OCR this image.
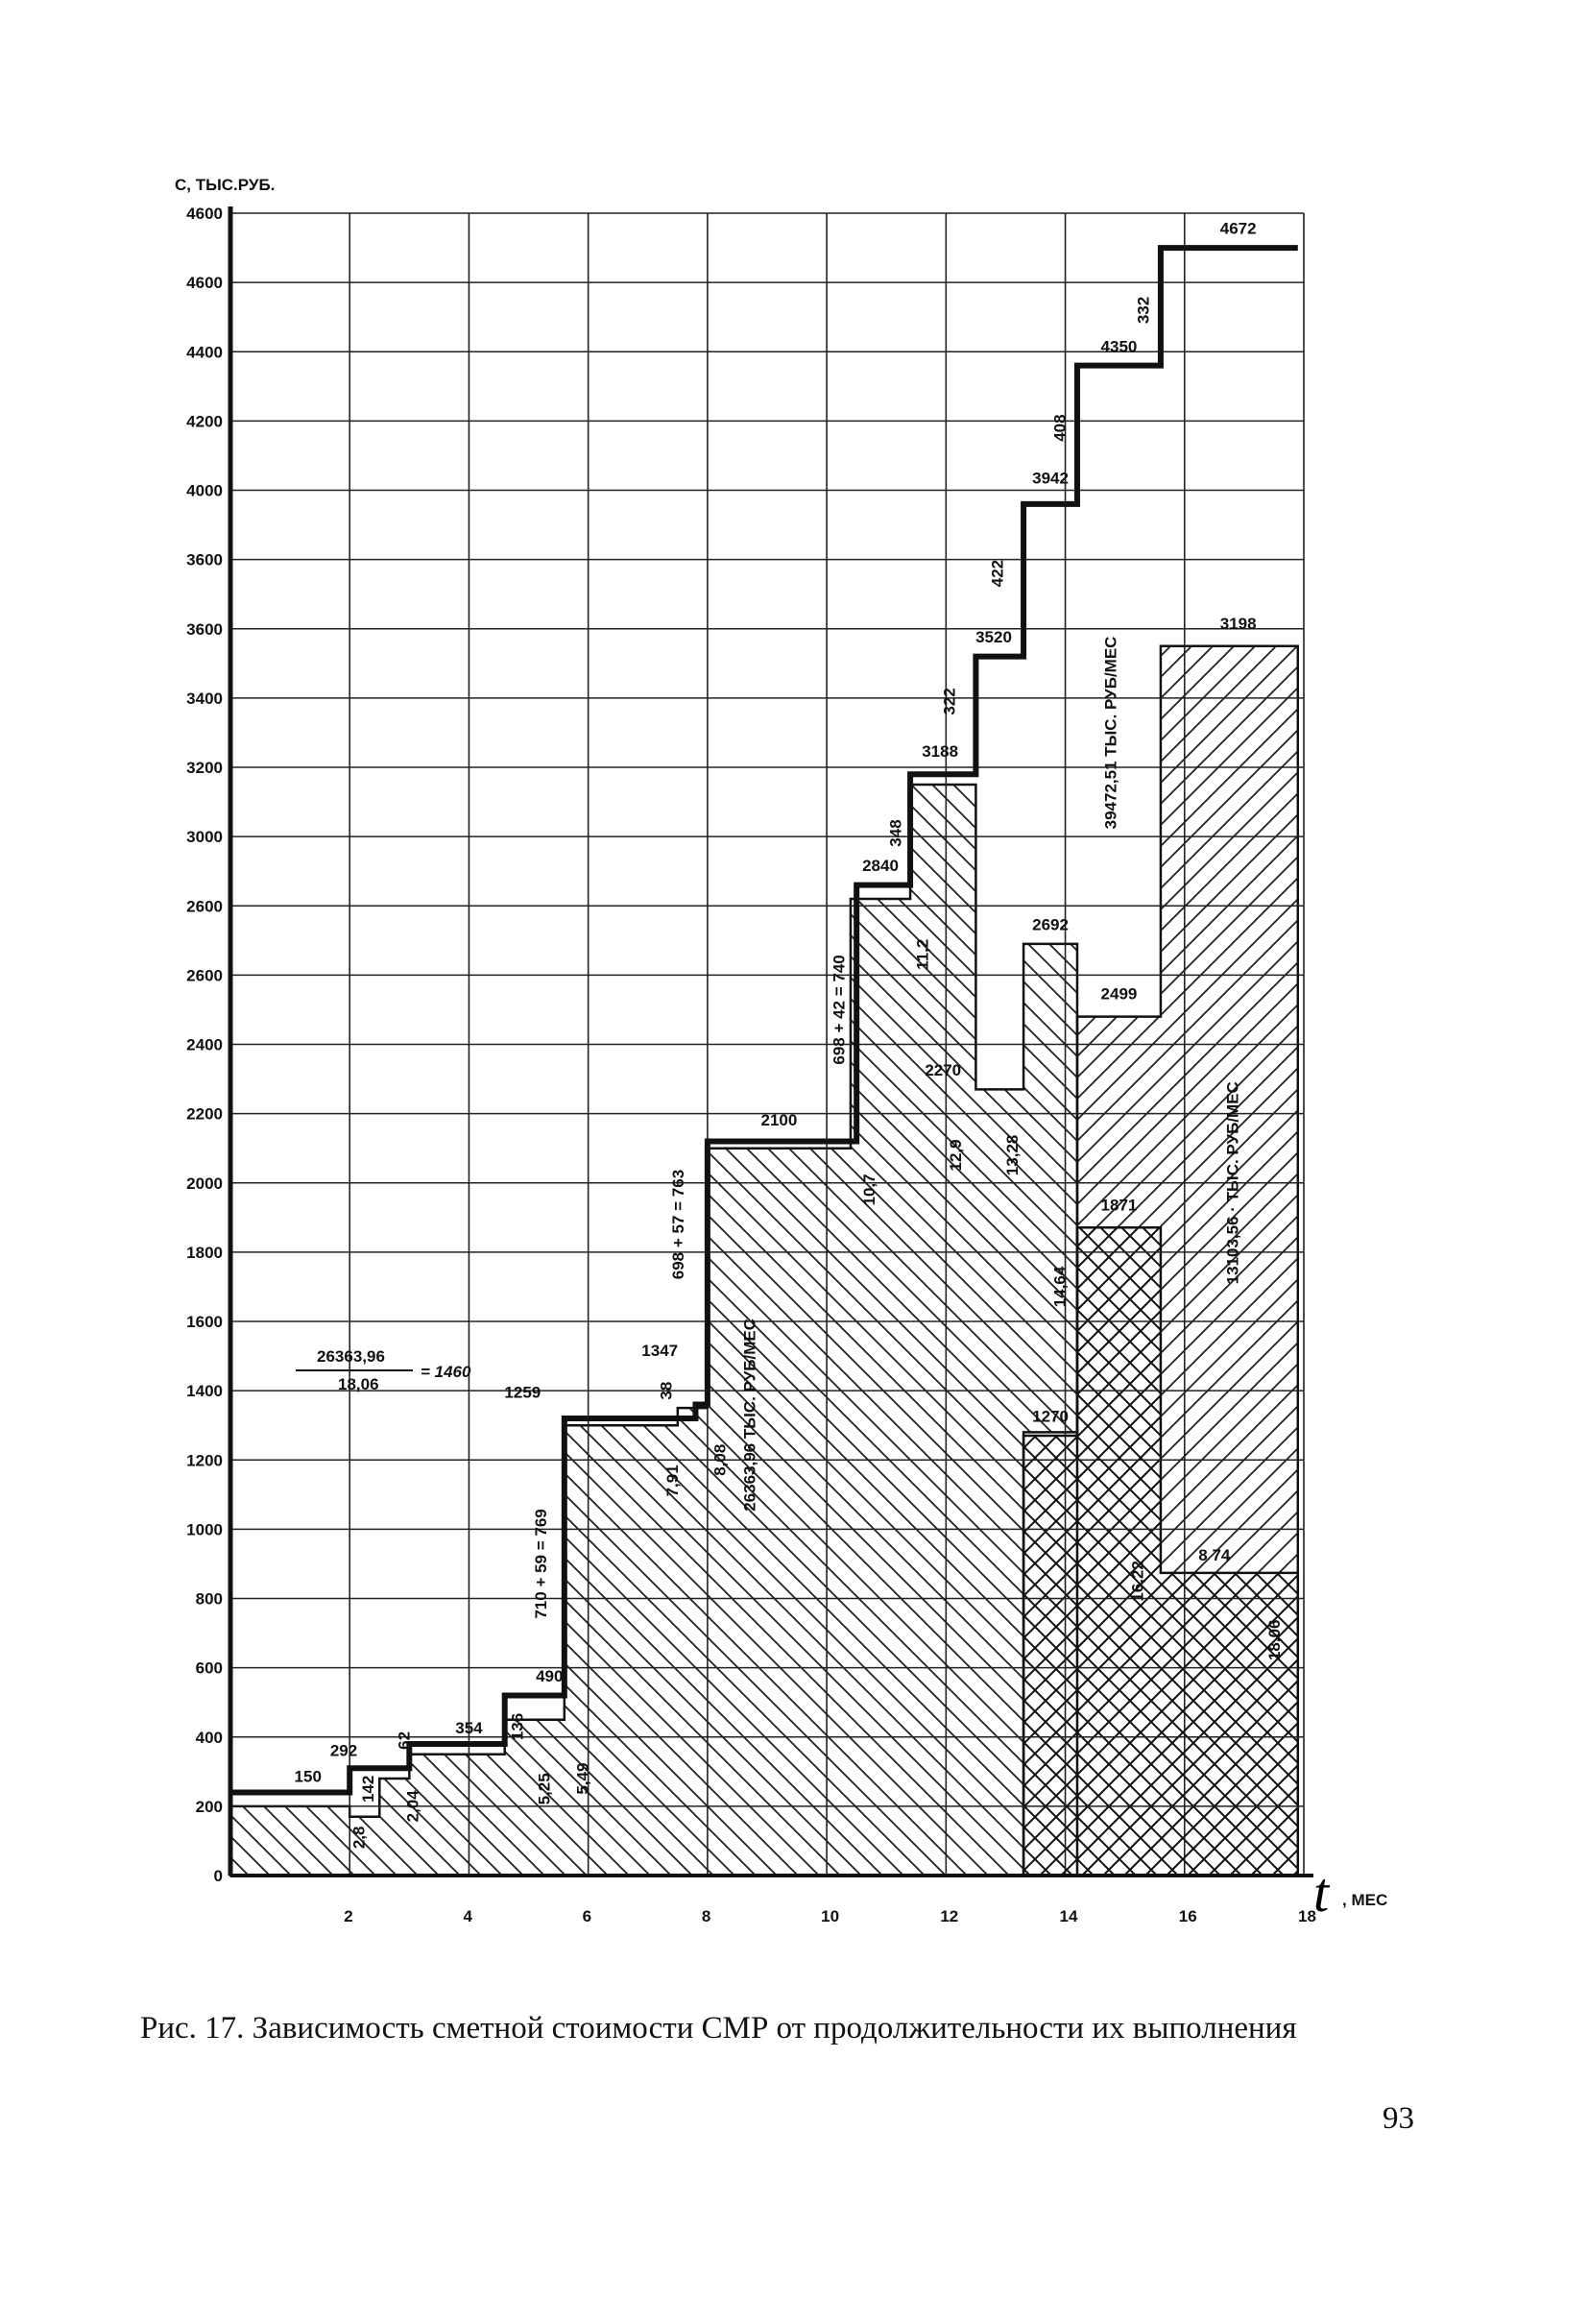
2	4	6	8	10	12	14	16	18
0
200
400
600
800
1000
1200
1400
1600
1800
2000
2200
2400
2600
2600
3000
3200
3400
3600
3600
4000
4200
4400
4600
4600
150
292
142
2,8
62
2,04
354 136
5,25
490
5,49
710 + 59 = 769
1259
7,91
38
1347
8,08
698 + 57 = 763
26363,96 ТЫС. РУБ/МЕС
2100
10,7
698 + 42 = 740
2840
11,2
348
3188
2270
12,9 13,28
322
3520
422
3942
408
4350
332
4672
2692
2499
39472,51 ТЫС. РУБ/МЕС
3198
1270
14,64
1871	13103,56 · ТЫС. РУБ/МЕС
16,22
8 74
18,06
С, ТЫС.РУБ.
t , МЕС
26363,96
18,06
= 1460
Рис. 17. Зависимость сметной стоимости СМР от продолжительности их выполнения
93
